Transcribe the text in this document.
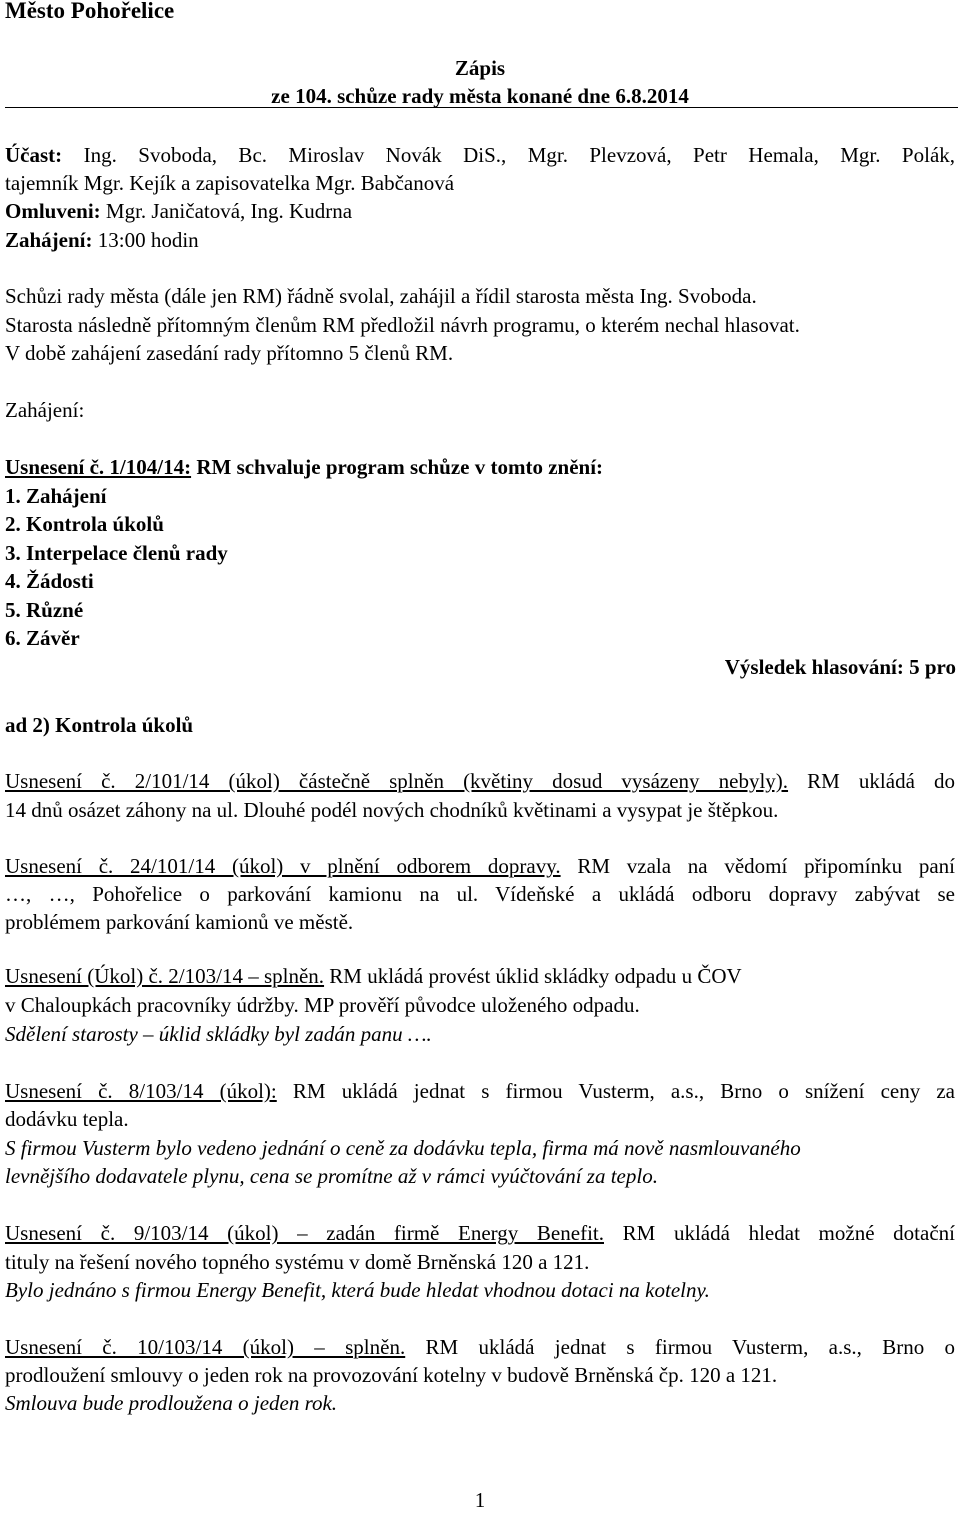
Město Pohořelice
Zápis
ze 104. schůze rady města konané dne 6.8.2014
Účast: Ing. Svoboda, Bc. Miroslav Novák DiS., Mgr. Plevzová, Petr Hemala, Mgr. Polák,
tajemník Mgr. Kejík a zapisovatelka Mgr. Babčanová
Omluveni: Mgr. Janičatová, Ing. Kudrna
Zahájení: 13:00 hodin
Schůzi rady města (dále jen RM) řádně svolal, zahájil a řídil starosta města Ing. Svoboda.
Starosta následně přítomným členům RM předložil návrh programu, o kterém nechal hlasovat.
V době zahájení zasedání rady přítomno 5 členů RM.
Zahájení:
Usnesení č. 1/104/14: RM schvaluje program schůze v tomto znění:
1. Zahájení
2. Kontrola úkolů
3. Interpelace členů rady
4. Žádosti
5. Různé
6. Závěr
Výsledek hlasování: 5 pro
ad 2) Kontrola úkolů
Usnesení č. 2/101/14 (úkol) částečně splněn (květiny dosud vysázeny nebyly). RM ukládá do
14 dnů osázet záhony na ul. Dlouhé podél nových chodníků květinami a vysypat je štěpkou.
Usnesení č. 24/101/14 (úkol) v plnění odborem dopravy. RM vzala na vědomí připomínku paní
…, …, Pohořelice o parkování kamionu na ul. Vídeňské a ukládá odboru dopravy zabývat se
problémem parkování kamionů ve městě.
Usnesení (Úkol) č. 2/103/14 – splněn. RM ukládá provést úklid skládky odpadu u ČOV
v Chaloupkách pracovníky údržby. MP prověří původce uloženého odpadu.
Sdělení starosty – úklid skládky byl zadán panu ….
Usnesení č. 8/103/14 (úkol): RM ukládá jednat s firmou Vusterm, a.s., Brno o snížení ceny za
dodávku tepla.
S firmou Vusterm bylo vedeno jednání o ceně za dodávku tepla, firma má nově nasmlouvaného
levnějšího dodavatele plynu, cena se promítne až v rámci vyúčtování za teplo.
Usnesení č. 9/103/14 (úkol) – zadán firmě Energy Benefit. RM ukládá hledat možné dotační
tituly na řešení nového topného systému v domě Brněnská 120 a 121.
Bylo jednáno s firmou Energy Benefit, která bude hledat vhodnou dotaci na kotelny.
Usnesení č. 10/103/14 (úkol) – splněn. RM ukládá jednat s firmou Vusterm, a.s., Brno o
prodloužení smlouvy o jeden rok na provozování kotelny v budově Brněnská čp. 120 a 121.
Smlouva bude prodloužena o jeden rok.
1
